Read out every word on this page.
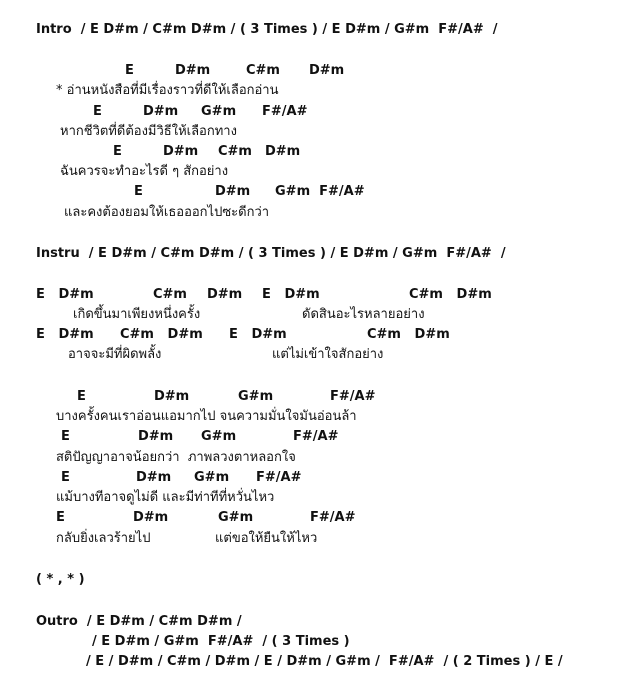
Intro  / E D#m / C#m D#m / ( 3 Times ) / E D#m / G#m  F#/A#  /
E	D#m	C#m D#m
* อ่านหนังสือที่มีเรื่องราวที่ดีให้เลือกอ่าน
E	D#m G#m F#/A#
หากชีวิตที่ดีต้องมีวิธีให้เลือกทาง
E	D#m C#m D#m
ฉันควรจะทำอะไรดี ๆ สักอย่าง
E	D#m G#m  F#/A#
และคงต้องยอมให้เธอออกไปซะดีกว่า
Instru  / E D#m / C#m D#m / ( 3 Times ) / E D#m / G#m  F#/A#  /
E   D#m	C#m D#m E   D#m	C#m   D#m
เกิดขึ้นมาเพียงหนึ่งครั้ง	ดัดสินอะไรหลายอย่าง
E   D#m C#m   D#m E   D#m	C#m   D#m
อาจจะมีที่ผิดพลั้ง	แต่ไม่เข้าใจสักอย่าง
E	D#m	G#m	F#/A#
บางครั้งคนเราอ่อนแอมากไป จนความมั่นใจมันอ่อนล้า
E	D#m G#m	F#/A#
สติปัญญาอาจน้อยกว่า  ภาพลวงตาหลอกใจ
E	D#m G#m F#/A#
แม้บางทีอาจดูไม่ดี และมีท่าทีที่หวั่นไหว
E	D#m	G#m	F#/A#
กลับยิ่งเลวร้ายไป	แต่ขอให้ยืนให้ไหว
( * , * )
Outro  / E D#m / C#m D#m /
/ E D#m / G#m  F#/A#  / ( 3 Times )
/ E / D#m / C#m / D#m / E / D#m / G#m /  F#/A#  / ( 2 Times ) / E /
